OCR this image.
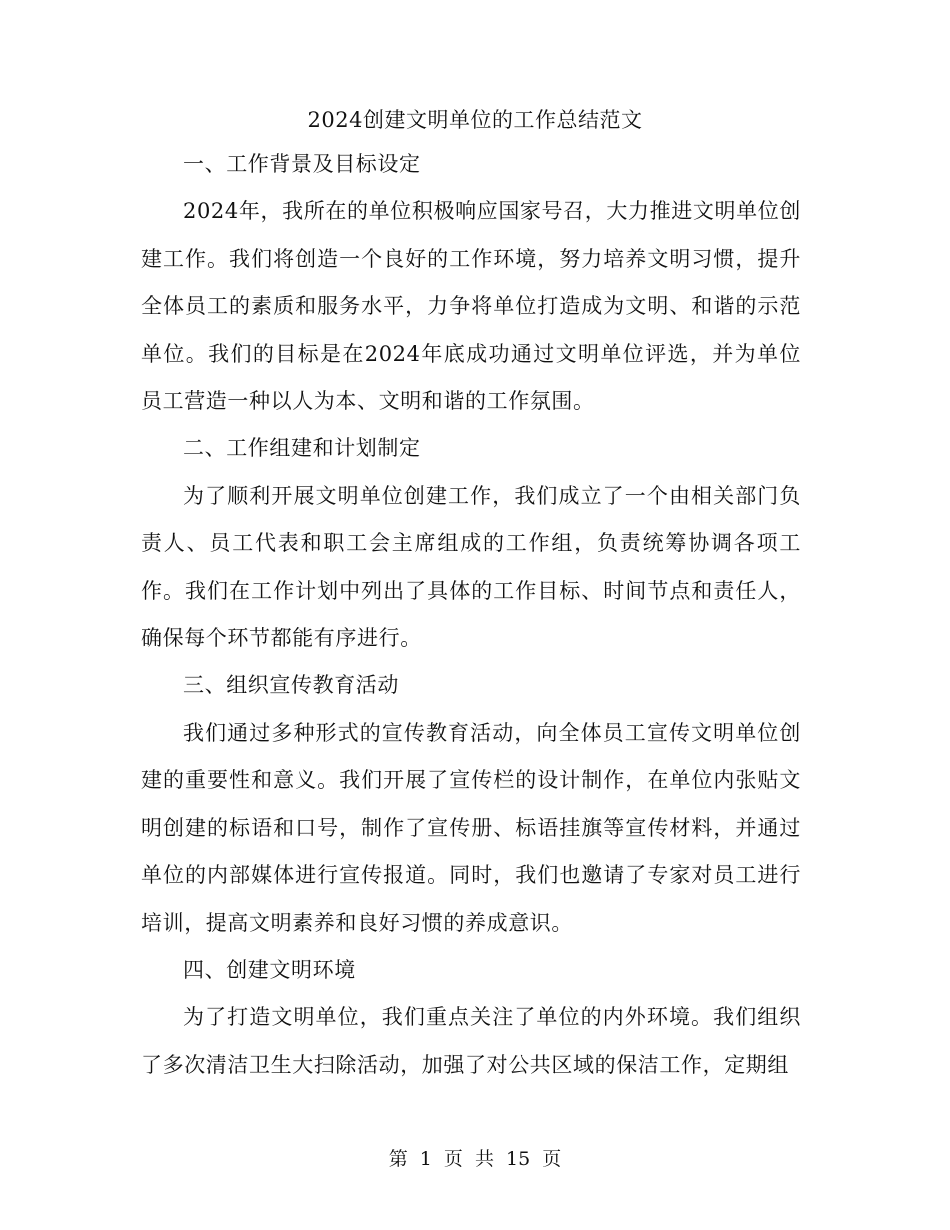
2024创建文明单位的工作总结范文

一、工作背景及目标设定

2024年，我所在的单位积极响应国家号召，大力推进文明单位创建工作。我们将创造一个良好的工作环境，努力培养文明习惯，提升全体员工的素质和服务水平，力争将单位打造成为文明、和谐的示范单位。我们的目标是在2024年底成功通过文明单位评选，并为单位员工营造一种以人为本、文明和谐的工作氛围。

二、工作组建和计划制定

为了顺利开展文明单位创建工作，我们成立了一个由相关部门负责人、员工代表和职工会主席组成的工作组，负责统筹协调各项工作。我们在工作计划中列出了具体的工作目标、时间节点和责任人，确保每个环节都能有序进行。

三、组织宣传教育活动

我们通过多种形式的宣传教育活动，向全体员工宣传文明单位创建的重要性和意义。我们开展了宣传栏的设计制作，在单位内张贴文明创建的标语和口号，制作了宣传册、标语挂旗等宣传材料，并通过单位的内部媒体进行宣传报道。同时，我们也邀请了专家对员工进行培训，提高文明素养和良好习惯的养成意识。

四、创建文明环境

为了打造文明单位，我们重点关注了单位的内外环境。我们组织了多次清洁卫生大扫除活动，加强了对公共区域的保洁工作，定期组

第 1 页 共 15 页
